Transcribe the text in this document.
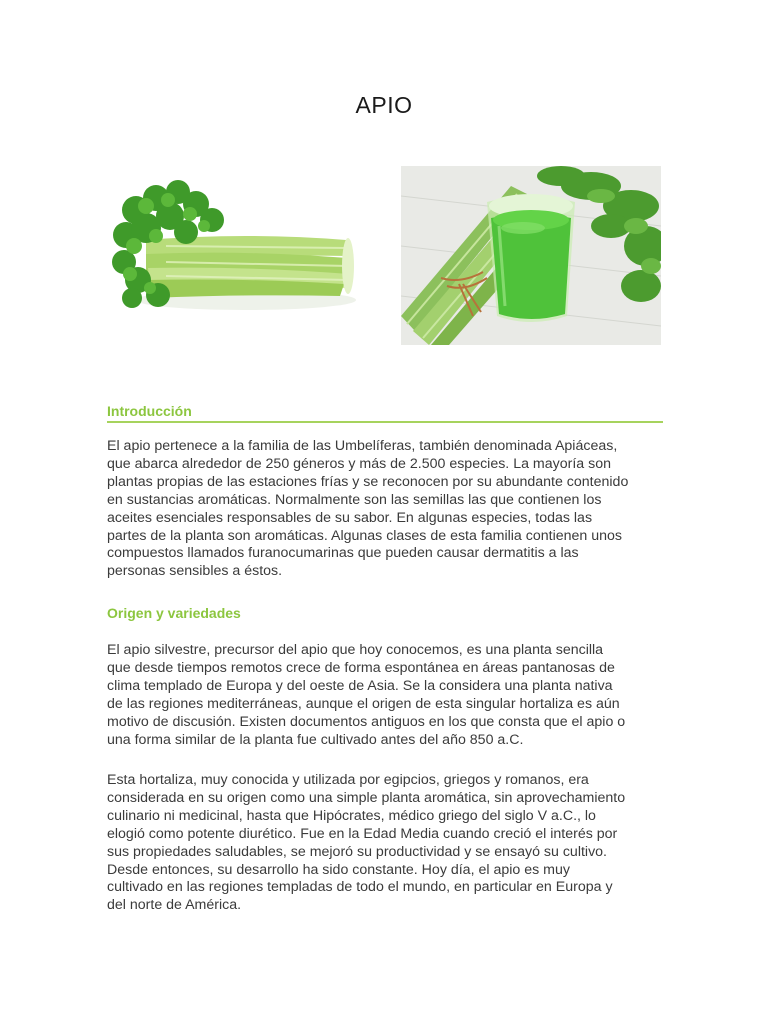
APIO
Introducción

El apio pertenece a la familia de las Umbelíferas, también denominada Apiáceas,
que abarca alrededor de 250 géneros y más de 2.500 especies. La mayoría son
plantas propias de las estaciones frías y se reconocen por su abundante contenido
en sustancias aromáticas. Normalmente son las semillas las que contienen los
aceites esenciales responsables de su sabor. En algunas especies, todas las
partes de la planta son aromáticas. Algunas clases de esta familia contienen unos
compuestos llamados furanocumarinas que pueden causar dermatitis a las
personas sensibles a éstos.

Origen y variedades

El apio silvestre, precursor del apio que hoy conocemos, es una planta sencilla
que desde tiempos remotos crece de forma espontánea en áreas pantanosas de
clima templado de Europa y del oeste de Asia. Se la considera una planta nativa
de las regiones mediterráneas, aunque el origen de esta singular hortaliza es aún
motivo de discusión. Existen documentos antiguos en los que consta que el apio o
una forma similar de la planta fue cultivado antes del año 850 a.C.

Esta hortaliza, muy conocida y utilizada por egipcios, griegos y romanos, era
considerada en su origen como una simple planta aromática, sin aprovechamiento
culinario ni medicinal, hasta que Hipócrates, médico griego del siglo V a.C., lo
elogió como potente diurético. Fue en la Edad Media cuando creció el interés por
sus propiedades saludables, se mejoró su productividad y se ensayó su cultivo.
Desde entonces, su desarrollo ha sido constante. Hoy día, el apio es muy
cultivado en las regiones templadas de todo el mundo, en particular en Europa y
del norte de América.
